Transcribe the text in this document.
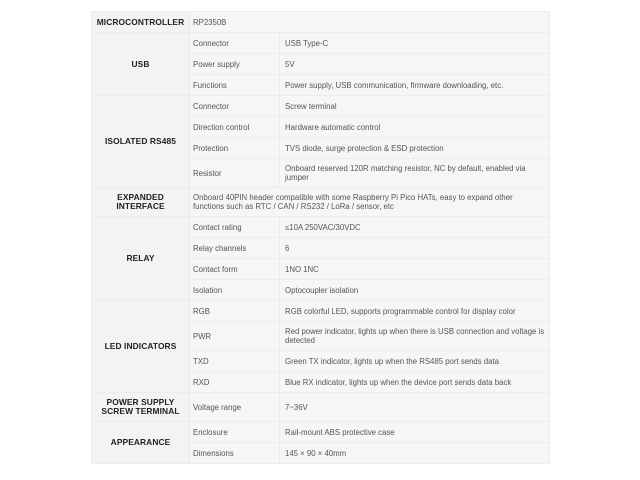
MICROCONTROLLER	RP2350B	
USB	Connector	USB Type-C
	Power supply	5V
	Functions	Power supply, USB communication, firmware downloading, etc.
ISOLATED RS485	Connector	Screw terminal
	Direction control	Hardware automatic control
	Protection	TVS diode, surge protection & ESD protection
	Resistor	Onboard reserved 120R matching resistor, NC by default, enabled via jumper

EXPANDED
INTERFACE	Onboard 40PIN header compatible with some Raspberry Pi Pico HATs, easy to expand other functions such as RTC / CAN / RS232 / LoRa / sensor, etc	
RELAY	Contact rating	≤10A 250VAC/30VDC
	Relay channels	6
	Contact form	1NO 1NC
	Isolation	Optocoupler isolation
LED INDICATORS	RGB	RGB colorful LED, supports programmable control for display color
	PWR	Red power indicator, lights up when there is USB connection and voltage is detected
	TXD	Green TX indicator, lights up when the RS485 port sends data
	RXD	Blue RX indicator, lights up when the device port sends data back

POWER SUPPLY
SCREW TERMINAL	Voltage range	7~36V
APPEARANCE	Enclosure	Rail-mount ABS protective case
	Dimensions	145 × 90 × 40mm
